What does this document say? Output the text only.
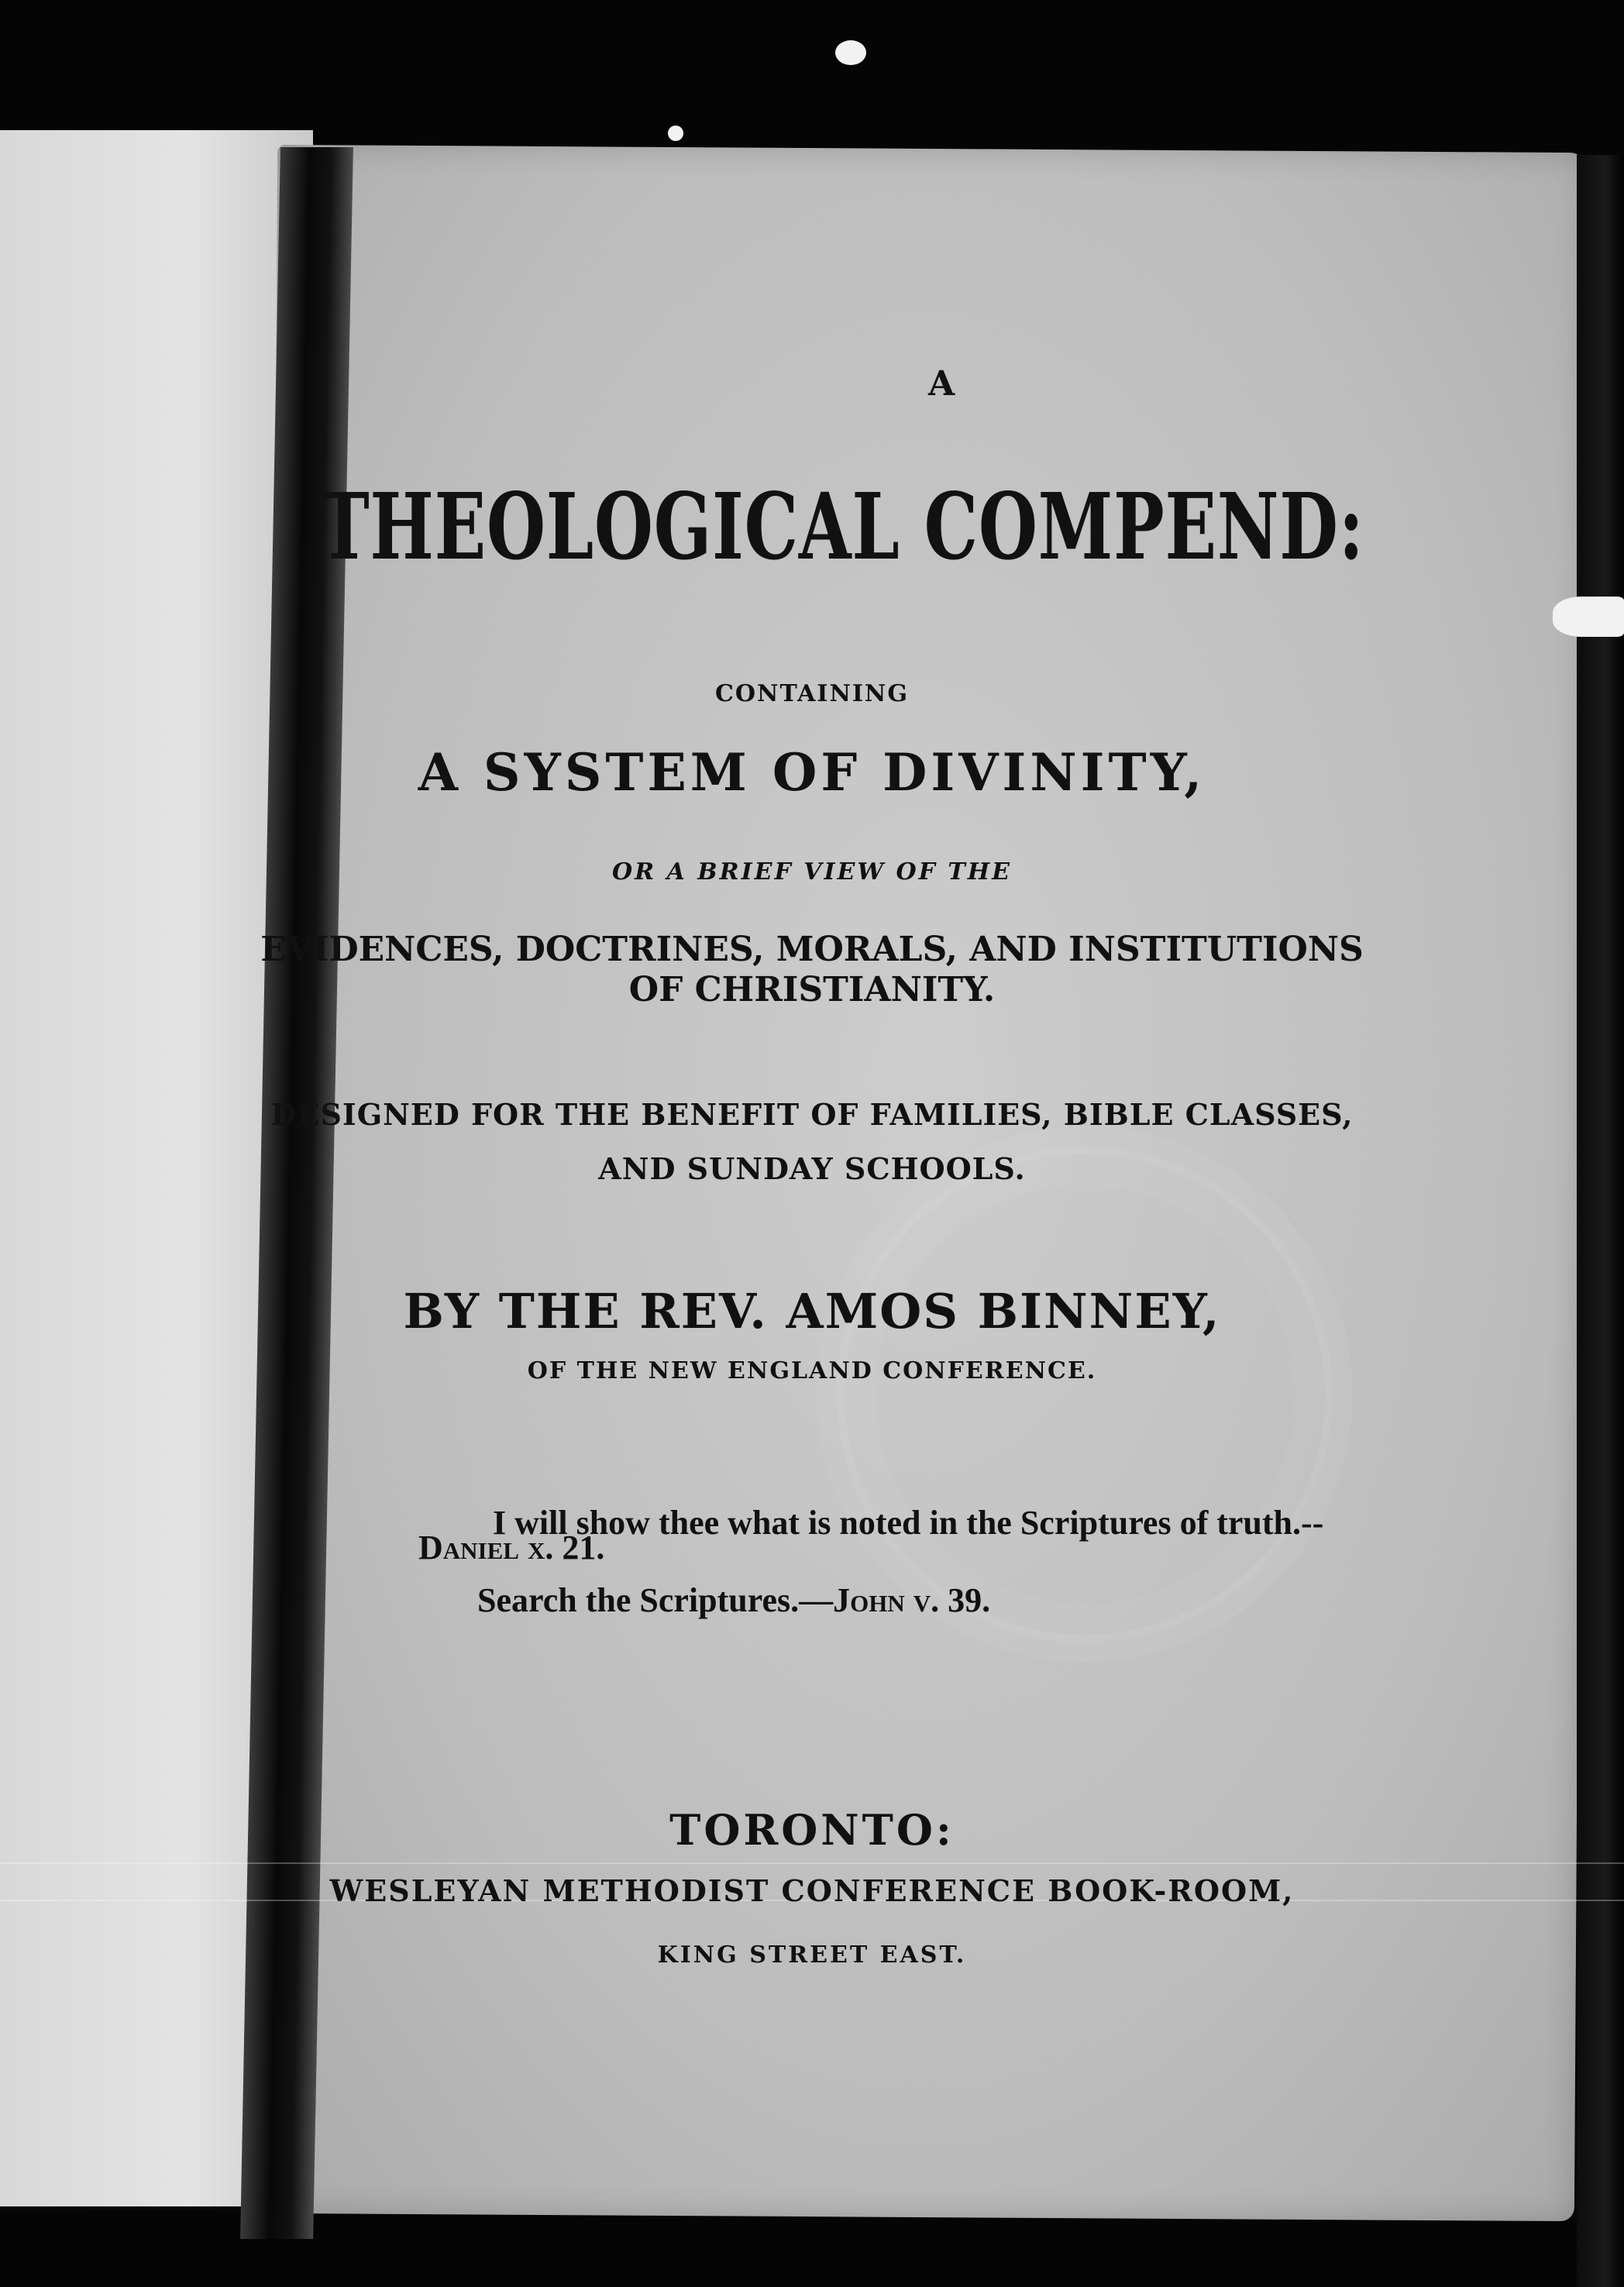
THEOLOGICAL COMPEND:

CONTAINING

A SYSTEM OF DIVINITY,

OR A BRIEF VIEW OF THE

EVIDENCES, DOCTRINES, MORALS, AND INSTITUTIONS

OF CHRISTIANITY.

DESIGNED FOR THE BENEFIT OF FAMILIES, BIBLE CLASSES,

AND SUNDAY SCHOOLS.

BY THE REV. AMOS BINNEY,

OF THE NEW ENGLAND CONFERENCE.

I will show thee what is noted in the Scriptures of truth.--

Daniel x. 21.

Search the Scriptures.—John v. 39.

TORONTO:

WESLEYAN METHODIST CONFERENCE BOOK-ROOM,

KING STREET EAST.
